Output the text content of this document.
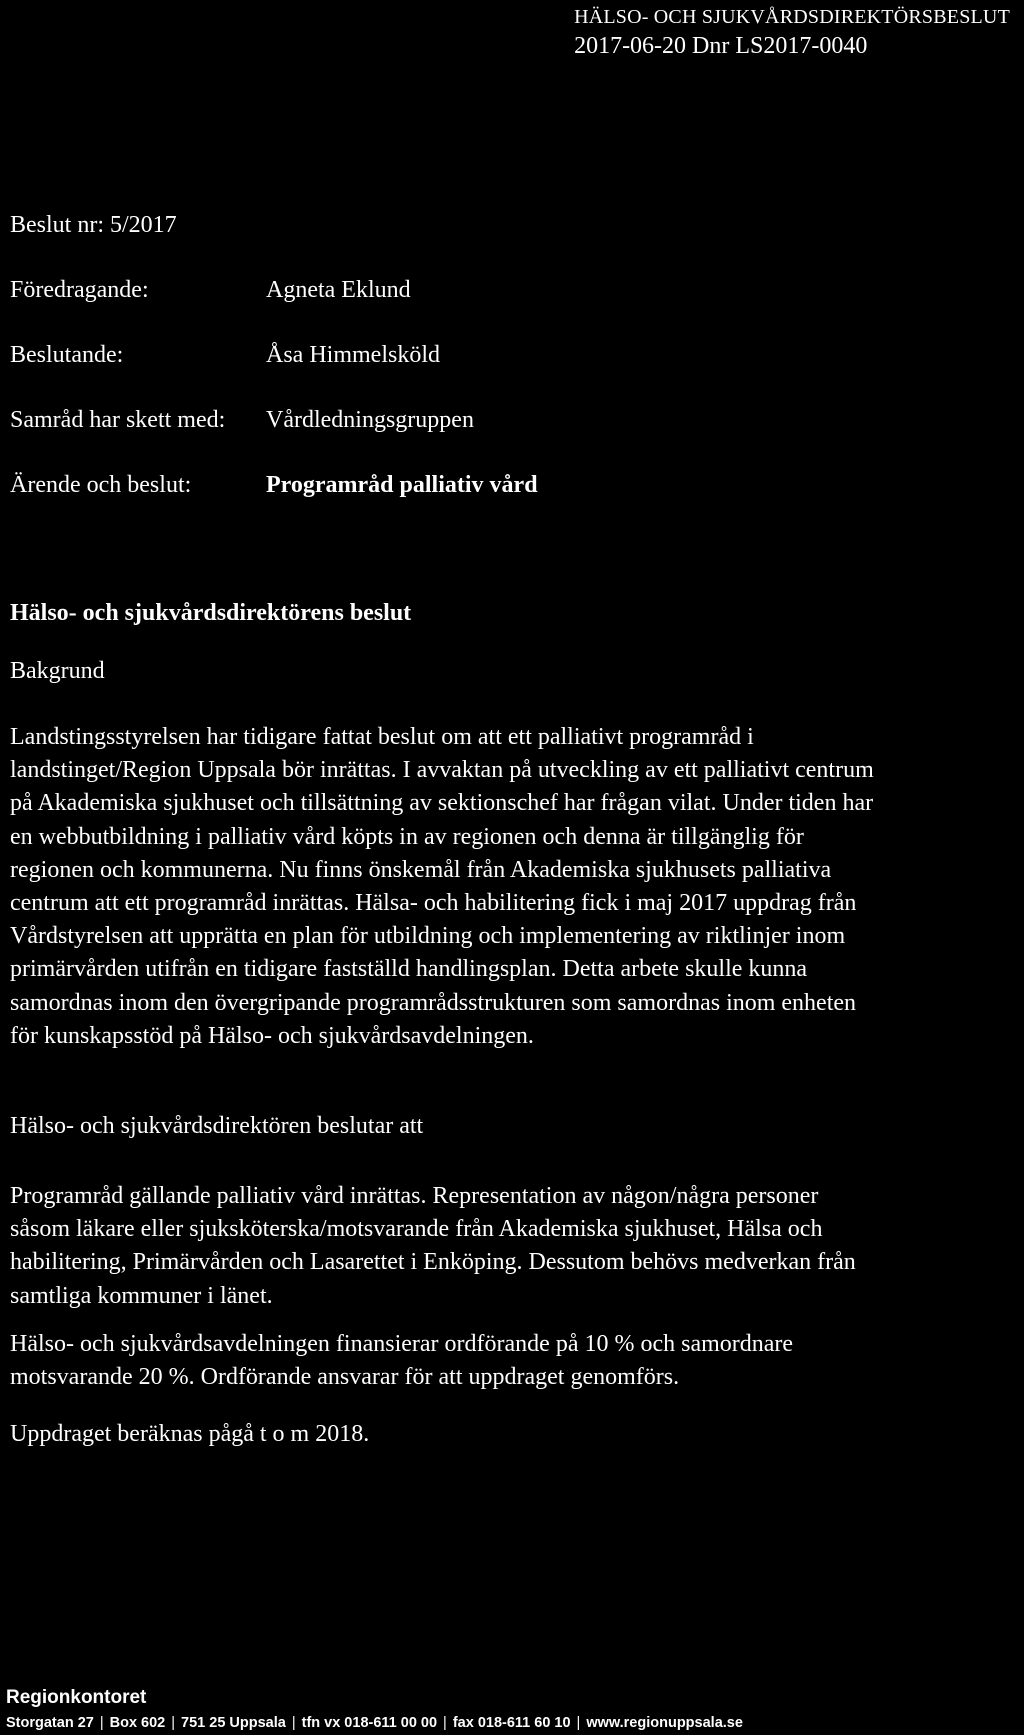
HÄLSO- OCH SJUKVÅRDSDIREKTÖRSBESLUT
2017-06-20 Dnr LS2017-0040
Beslut nr: 5/2017
Föredragande:	Agneta Eklund
Beslutande:	Åsa Himmelsköld
Samråd har skett med: Vårdledningsgruppen
Ärende och beslut:	Programråd palliativ vård
Hälso- och sjukvårdsdirektörens beslut
Bakgrund
Landstingsstyrelsen har tidigare fattat beslut om att ett palliativt programråd i
landstinget/Region Uppsala bör inrättas. I avvaktan på utveckling av ett palliativt centrum
på Akademiska sjukhuset och tillsättning av sektionschef har frågan vilat. Under tiden har
en webbutbildning i palliativ vård köpts in av regionen och denna är tillgänglig för
regionen och kommunerna. Nu finns önskemål från Akademiska sjukhusets palliativa
centrum att ett programråd inrättas. Hälsa- och habilitering fick i maj 2017 uppdrag från
Vårdstyrelsen att upprätta en plan för utbildning och implementering av riktlinjer inom
primärvården utifrån en tidigare fastställd handlingsplan. Detta arbete skulle kunna
samordnas inom den övergripande programrådsstrukturen som samordnas inom enheten
för kunskapsstöd på Hälso- och sjukvårdsavdelningen.
Hälso- och sjukvårdsdirektören beslutar att
Programråd gällande palliativ vård inrättas. Representation av någon/några personer
såsom läkare eller sjuksköterska/motsvarande från Akademiska sjukhuset, Hälsa och
habilitering, Primärvården och Lasarettet i Enköping. Dessutom behövs medverkan från
samtliga kommuner i länet.
Hälso- och sjukvårdsavdelningen finansierar ordförande på 10 % och samordnare
motsvarande 20 %. Ordförande ansvarar för att uppdraget genomförs.
Uppdraget beräknas pågå t o m 2018.
Regionkontoret
Storgatan 27 | Box 602 | 751 25 Uppsala | tfn vx 018-611 00 00 | fax 018-611 60 10 | www.regionuppsala.se
